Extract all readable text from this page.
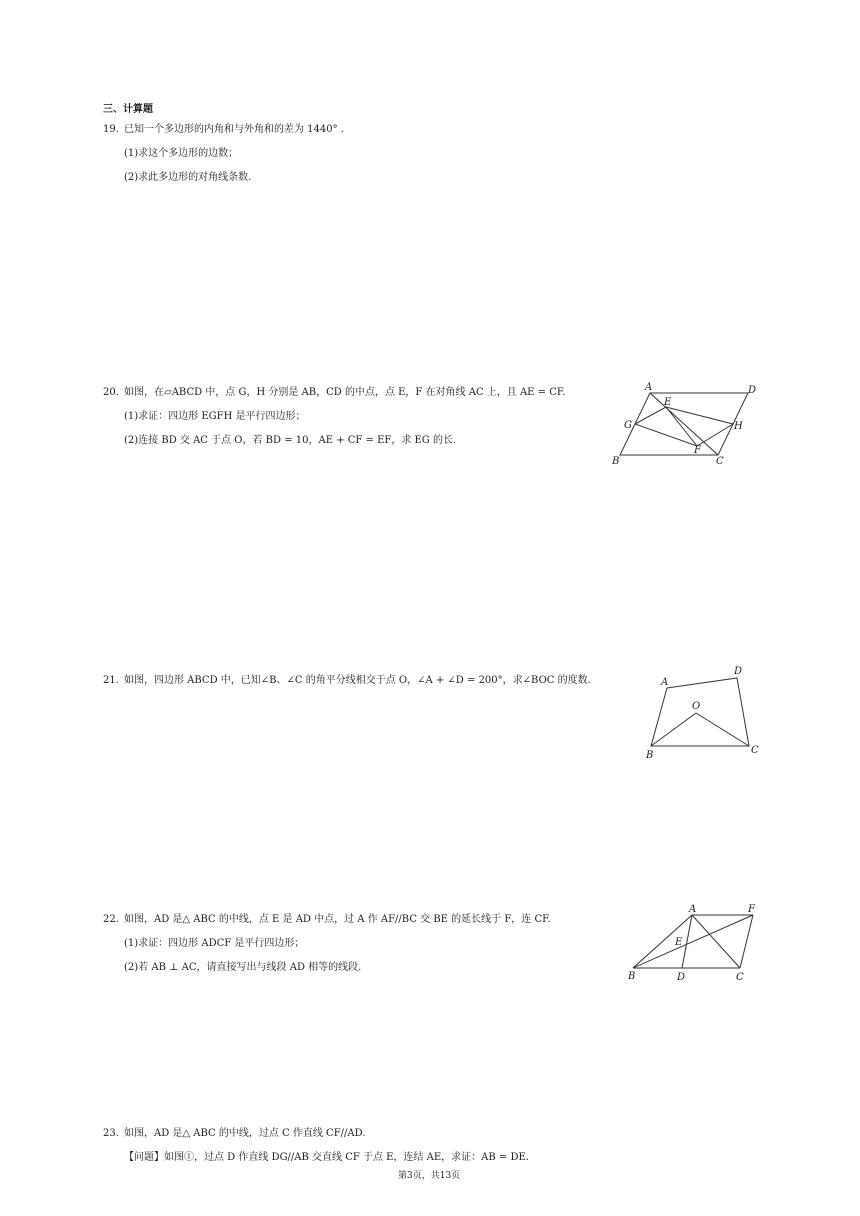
三、计算题
19. 已知一个多边形的内角和与外角和的差为 1440° .
(1)求这个多边形的边数；
(2)求此多边形的对角线条数.
20. 如图，在▱ABCD 中，点 G，H 分别是 AB，CD 的中点，点 E，F 在对角线 AC 上，且 AE = CF.
(1)求证：四边形 EGFH 是平行四边形；
(2)连接 BD 交 AC 于点 O，若 BD = 10，AE + CF = EF，求 EG 的长.
A	D
B	C
E
F
G	H
21. 如图，四边形 ABCD 中，已知∠B、∠C 的角平分线相交于点 O，∠A + ∠D = 200°，求∠BOC 的度数.	A
D
O
B	C
22. 如图，AD 是△ ABC 的中线，点 E 是 AD 中点，过 A 作 AF//BC 交 BE 的延长线于 F，连 CF.
(1)求证：四边形 ADCF 是平行四边形；
(2)若 AB ⊥ AC，请直接写出与线段 AD 相等的线段.
A	F
E
B	D	C
23. 如图，AD 是△ ABC 的中线，过点 C 作直线 CF//AD.
【问题】如图①，过点 D 作直线 DG//AB 交直线 CF 于点 E，连结 AE，求证：AB = DE.
第3页，共13页
